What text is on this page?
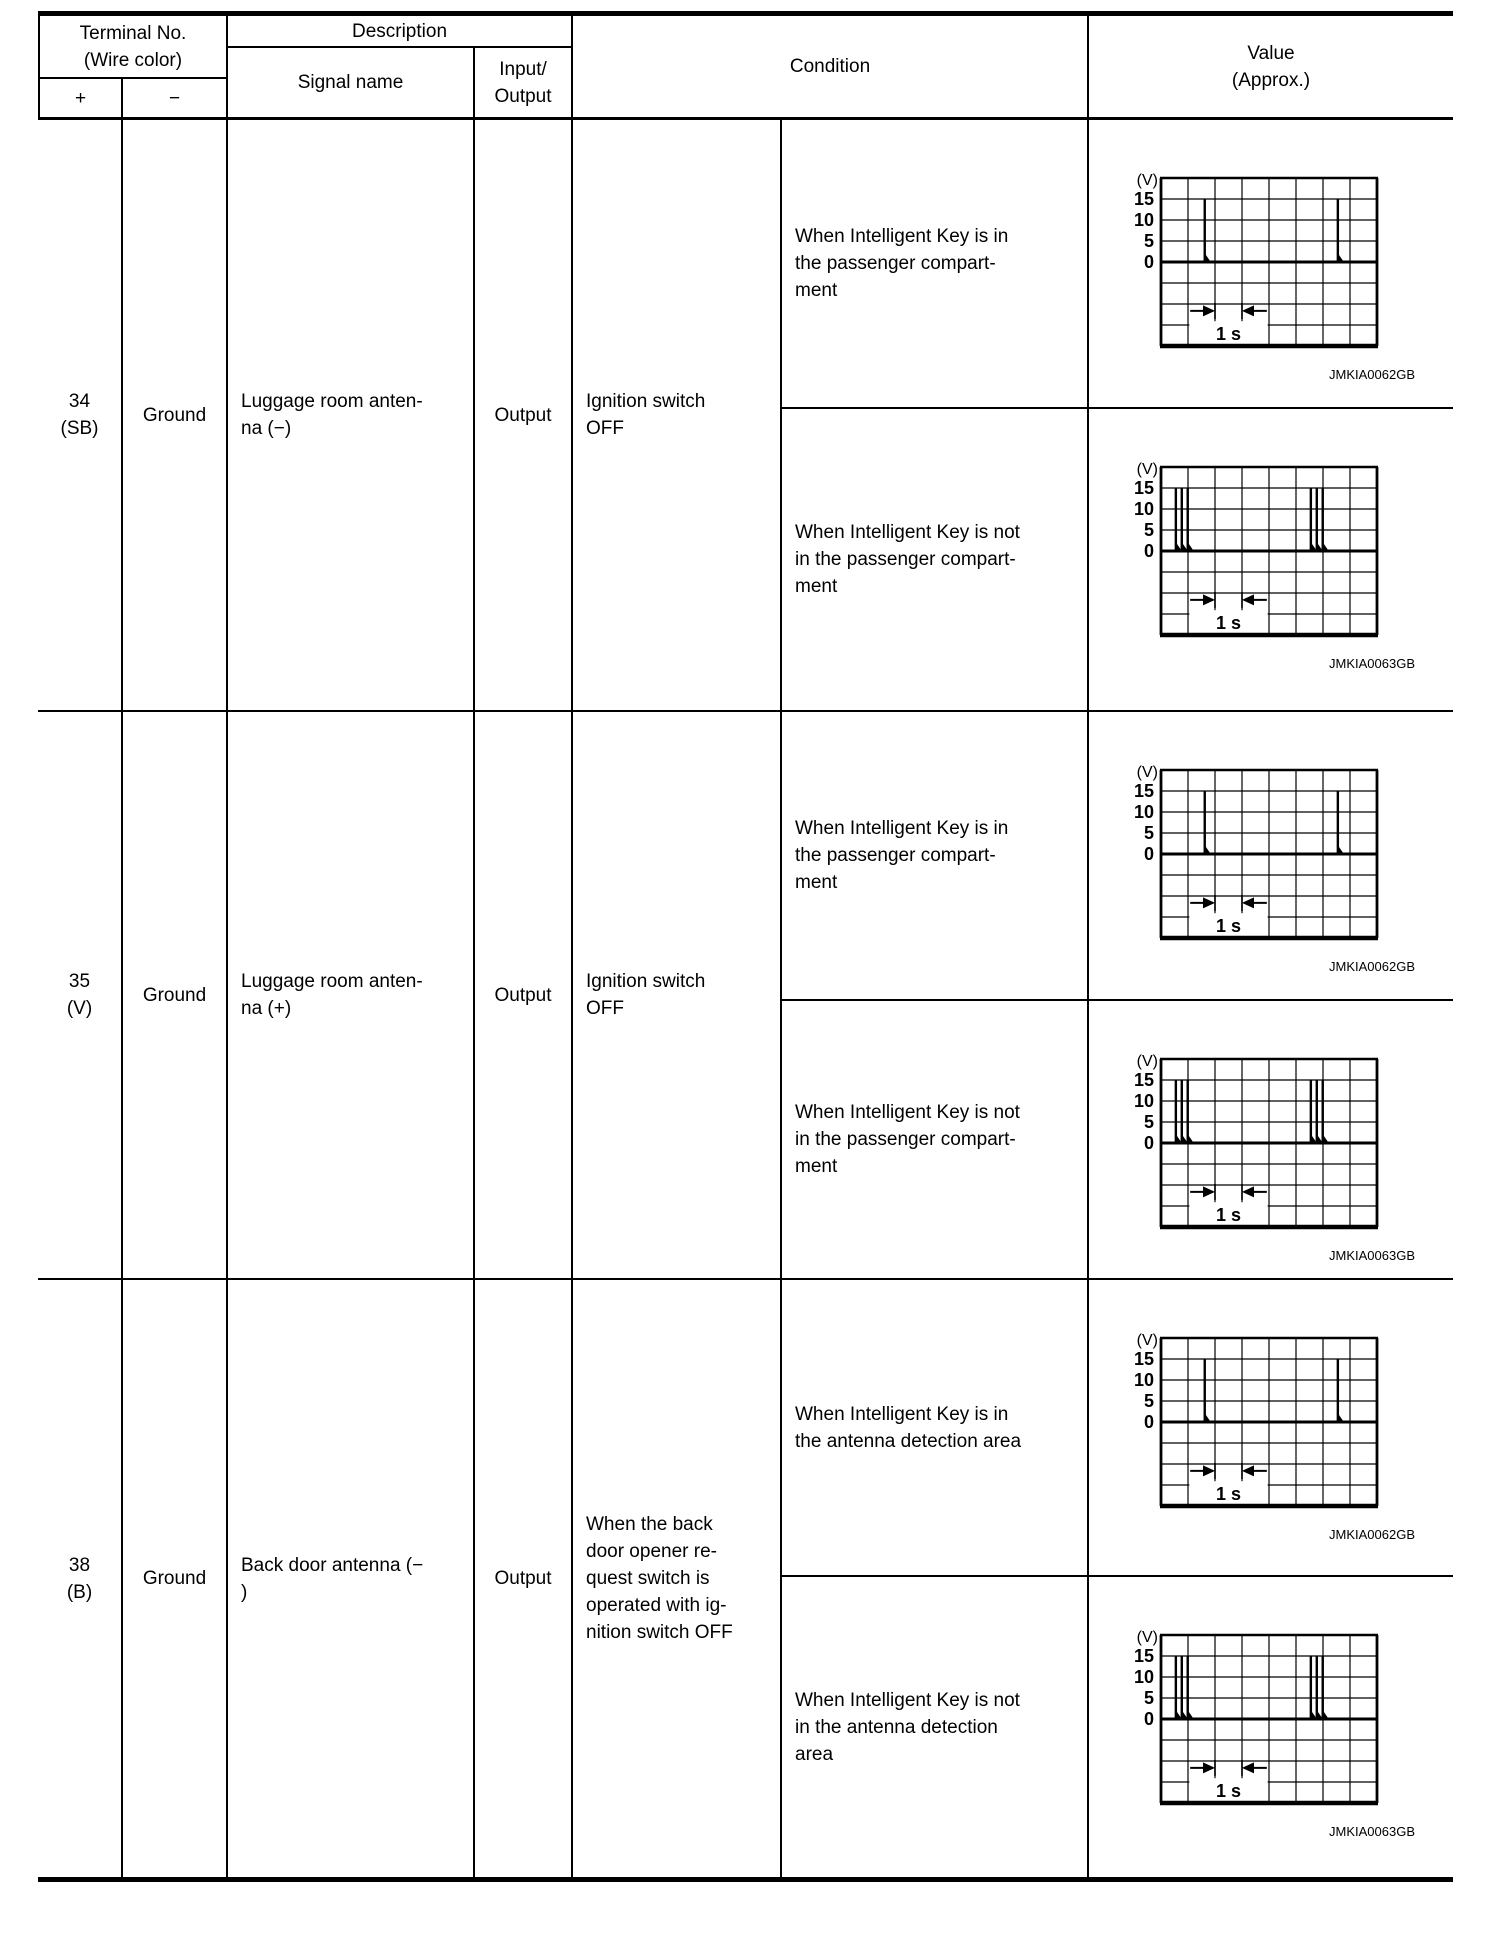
Terminal No.
(Wire color)
+	−
Description
Signal name
Input/
Output
Condition
Value
(Approx.)
34
(SB)
Ground
Luggage room anten-
na (−)
Output
Ignition switch
OFF
When Intelligent Key is in
the passenger compart-
ment
1 s
15
10
5
0
(V)
JMKIA0062GB
When Intelligent Key is not
in the passenger compart-
ment
1 s
15
10
5
0
(V)
JMKIA0063GB
35
(V)
Ground
Luggage room anten-
na (+)
Output
Ignition switch
OFF
When Intelligent Key is in
the passenger compart-
ment
1 s
15
10
5
0
(V)
JMKIA0062GB
When Intelligent Key is not
in the passenger compart-
ment
1 s
15
10
5
0
(V)
JMKIA0063GB
38
(B)
Ground
Back door antenna (−
)
Output
When the back
door opener re-
quest switch is
operated with ig-
nition switch OFF
When Intelligent Key is in
the antenna detection area
1 s
15
10
5
0
(V)
JMKIA0062GB
When Intelligent Key is not
in the antenna detection
area
1 s
15
10
5
0
(V)
JMKIA0063GB
